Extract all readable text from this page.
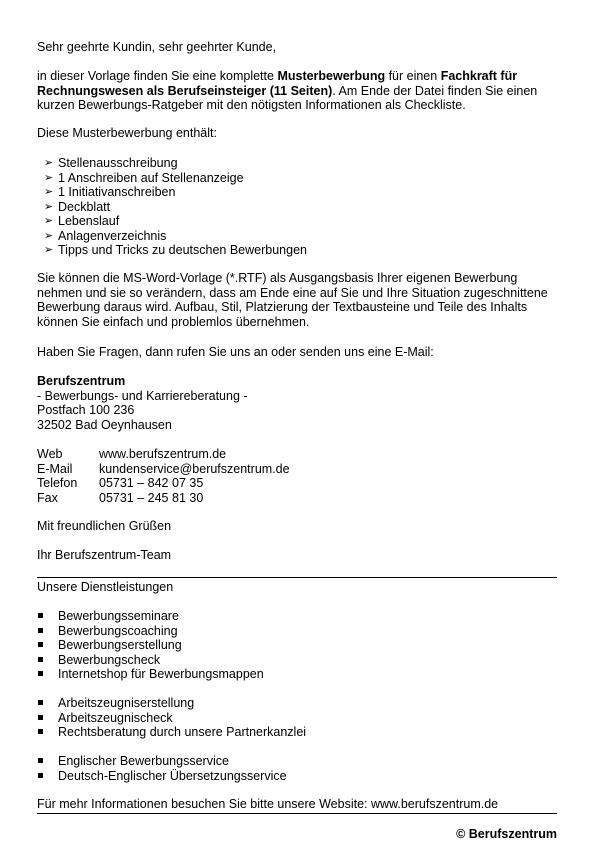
Sehr geehrte Kundin, sehr geehrter Kunde,

in dieser Vorlage finden Sie eine komplette Musterbewerbung für einen Fachkraft für Rechnungswesen als Berufseinsteiger (11 Seiten). Am Ende der Datei finden Sie einen kurzen Bewerbungs-Ratgeber mit den nötigsten Informationen als Checkliste.

Diese Musterbewerbung enthält:

➢ Stellenausschreibung
➢ 1 Anschreiben auf Stellenanzeige
➢ 1 Initiativanschreiben
➢ Deckblatt
➢ Lebenslauf
➢ Anlagenverzeichnis
➢ Tipps und Tricks zu deutschen Bewerbungen

Sie können die MS-Word-Vorlage (*.RTF) als Ausgangsbasis Ihrer eigenen Bewerbung nehmen und sie so verändern, dass am Ende eine auf Sie und Ihre Situation zugeschnittene Bewerbung daraus wird. Aufbau, Stil, Platzierung der Textbausteine und Teile des Inhalts können Sie einfach und problemlos übernehmen.

Haben Sie Fragen, dann rufen Sie uns an oder senden uns eine E-Mail:

Berufszentrum

- Bewerbungs- und Karriereberatung -

Postfach 100 236

32502 Bad Oeynhausen

Web	www.berufszentrum.de
E-Mail	kundenservice@berufszentrum.de
Telefon	05731 – 842 07 35
Fax	05731 – 245 81 30

Mit freundlichen Grüßen

Ihr Berufszentrum-Team

Unsere Dienstleistungen

Bewerbungsseminare
Bewerbungscoaching
Bewerbungserstellung
Bewerbungscheck
Internetshop für Bewerbungsmappen
Arbeitszeugniserstellung
Arbeitszeugnischeck
Rechtsberatung durch unsere Partnerkanzlei
Englischer Bewerbungsservice
Deutsch-Englischer Übersetzungsservice

Für mehr Informationen besuchen Sie bitte unsere Website: www.berufszentrum.de

© Berufszentrum
